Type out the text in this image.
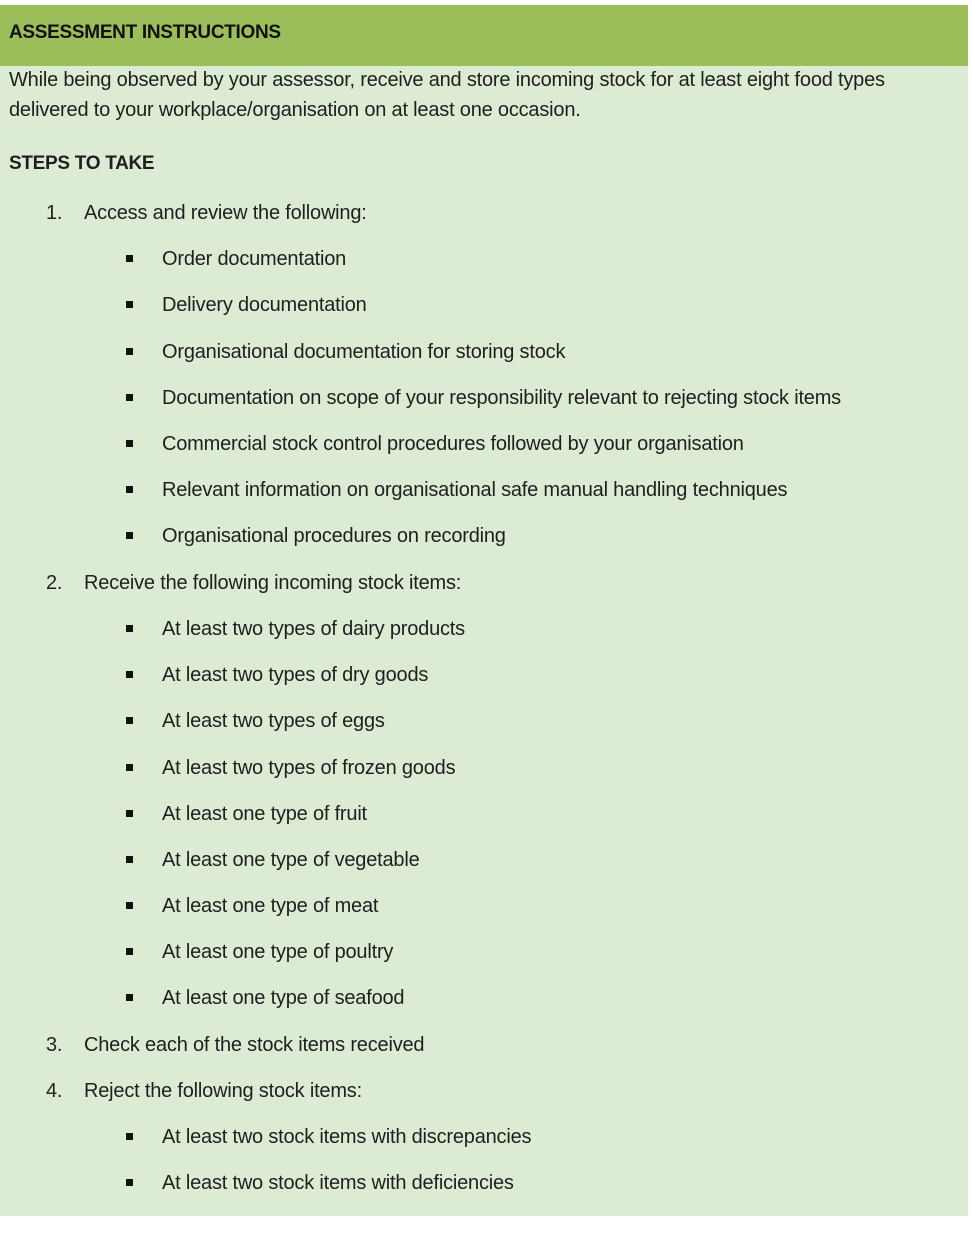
ASSESSMENT INSTRUCTIONS
While being observed by your assessor, receive and store incoming stock for at least eight food types delivered to your workplace/organisation on at least one occasion.
STEPS TO TAKE
1.	Access and review the following:
Order documentation
Delivery documentation
Organisational documentation for storing stock
Documentation on scope of your responsibility relevant to rejecting stock items
Commercial stock control procedures followed by your organisation
Relevant information on organisational safe manual handling techniques
Organisational procedures on recording
2.	Receive the following incoming stock items:
At least two types of dairy products
At least two types of dry goods
At least two types of eggs
At least two types of frozen goods
At least one type of fruit
At least one type of vegetable
At least one type of meat
At least one type of poultry
At least one type of seafood
3.	Check each of the stock items received
4.	Reject the following stock items:
At least two stock items with discrepancies
At least two stock items with deficiencies
